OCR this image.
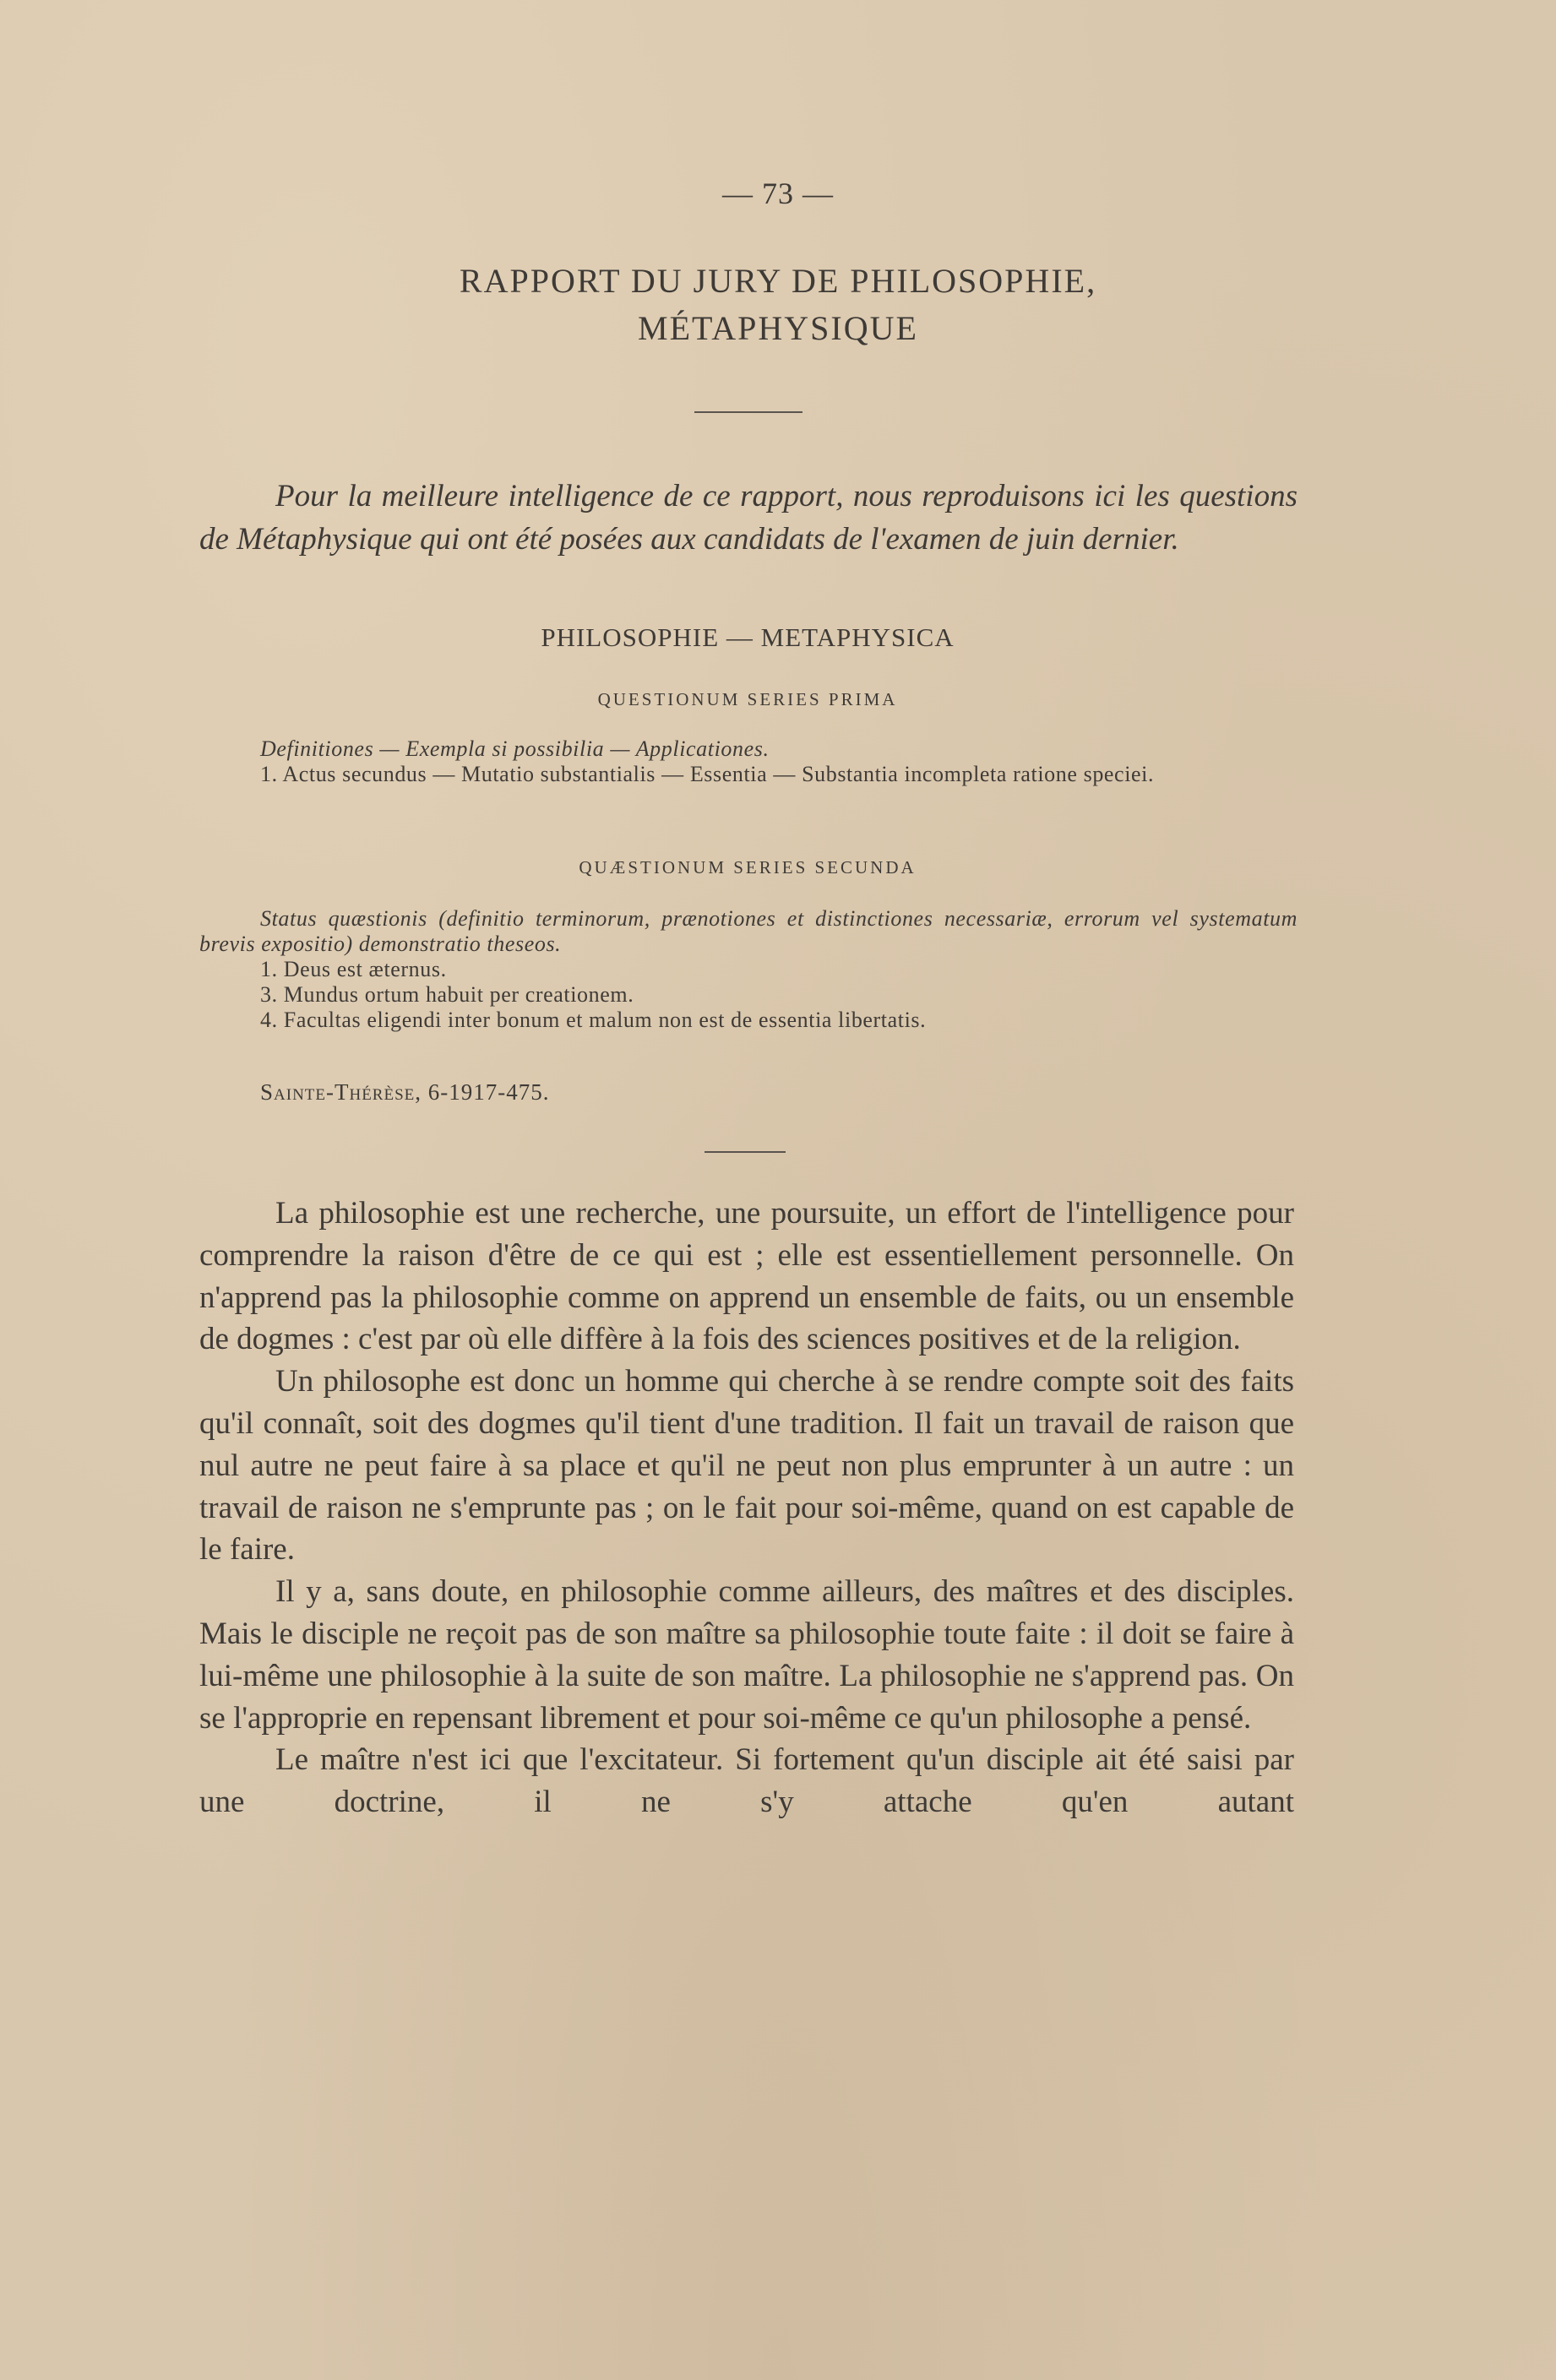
— 73 —
RAPPORT DU JURY DE PHILOSOPHIE,
MÉTAPHYSIQUE
Pour la meilleure intelligence de ce rapport, nous reproduisons ici les questions de Métaphysique qui ont été posées aux candidats de l'examen de juin dernier.
PHILOSOPHIE — METAPHYSICA
QUESTIONUM SERIES PRIMA
Definitiones — Exempla si possibilia — Applicationes.
1. Actus secundus — Mutatio substantialis — Essentia — Substantia incompleta ratione speciei.
QUÆSTIONUM SERIES SECUNDA
Status quæstionis (definitio terminorum, prænotiones et distinctiones necessariæ, errorum vel systematum brevis expositio) demonstratio theseos.
1. Deus est æternus.
3. Mundus ortum habuit per creationem.
4. Facultas eligendi inter bonum et malum non est de essentia libertatis.
Sainte-Thérèse, 6-1917-475.

La philosophie est une recherche, une poursuite, un effort de l'intelligence pour comprendre la raison d'être de ce qui est ; elle est essentiellement personnelle. On n'apprend pas la philosophie comme on apprend un ensemble de faits, ou un ensemble de dogmes : c'est par où elle diffère à la fois des sciences positives et de la religion.

Un philosophe est donc un homme qui cherche à se rendre compte soit des faits qu'il connaît, soit des dogmes qu'il tient d'une tradition. Il fait un travail de raison que nul autre ne peut faire à sa place et qu'il ne peut non plus emprunter à un autre : un travail de raison ne s'emprunte pas ; on le fait pour soi-même, quand on est capable de le faire.

Il y a, sans doute, en philosophie comme ailleurs, des maîtres et des disciples. Mais le disciple ne reçoit pas de son maître sa philosophie toute faite : il doit se faire à lui-même une philosophie à la suite de son maître. La philosophie ne s'apprend pas. On se l'approprie en repensant librement et pour soi-même ce qu'un philosophe a pensé.

Le maître n'est ici que l'excitateur. Si fortement qu'un disciple ait été saisi par une doctrine, il ne s'y attache qu'en autant
